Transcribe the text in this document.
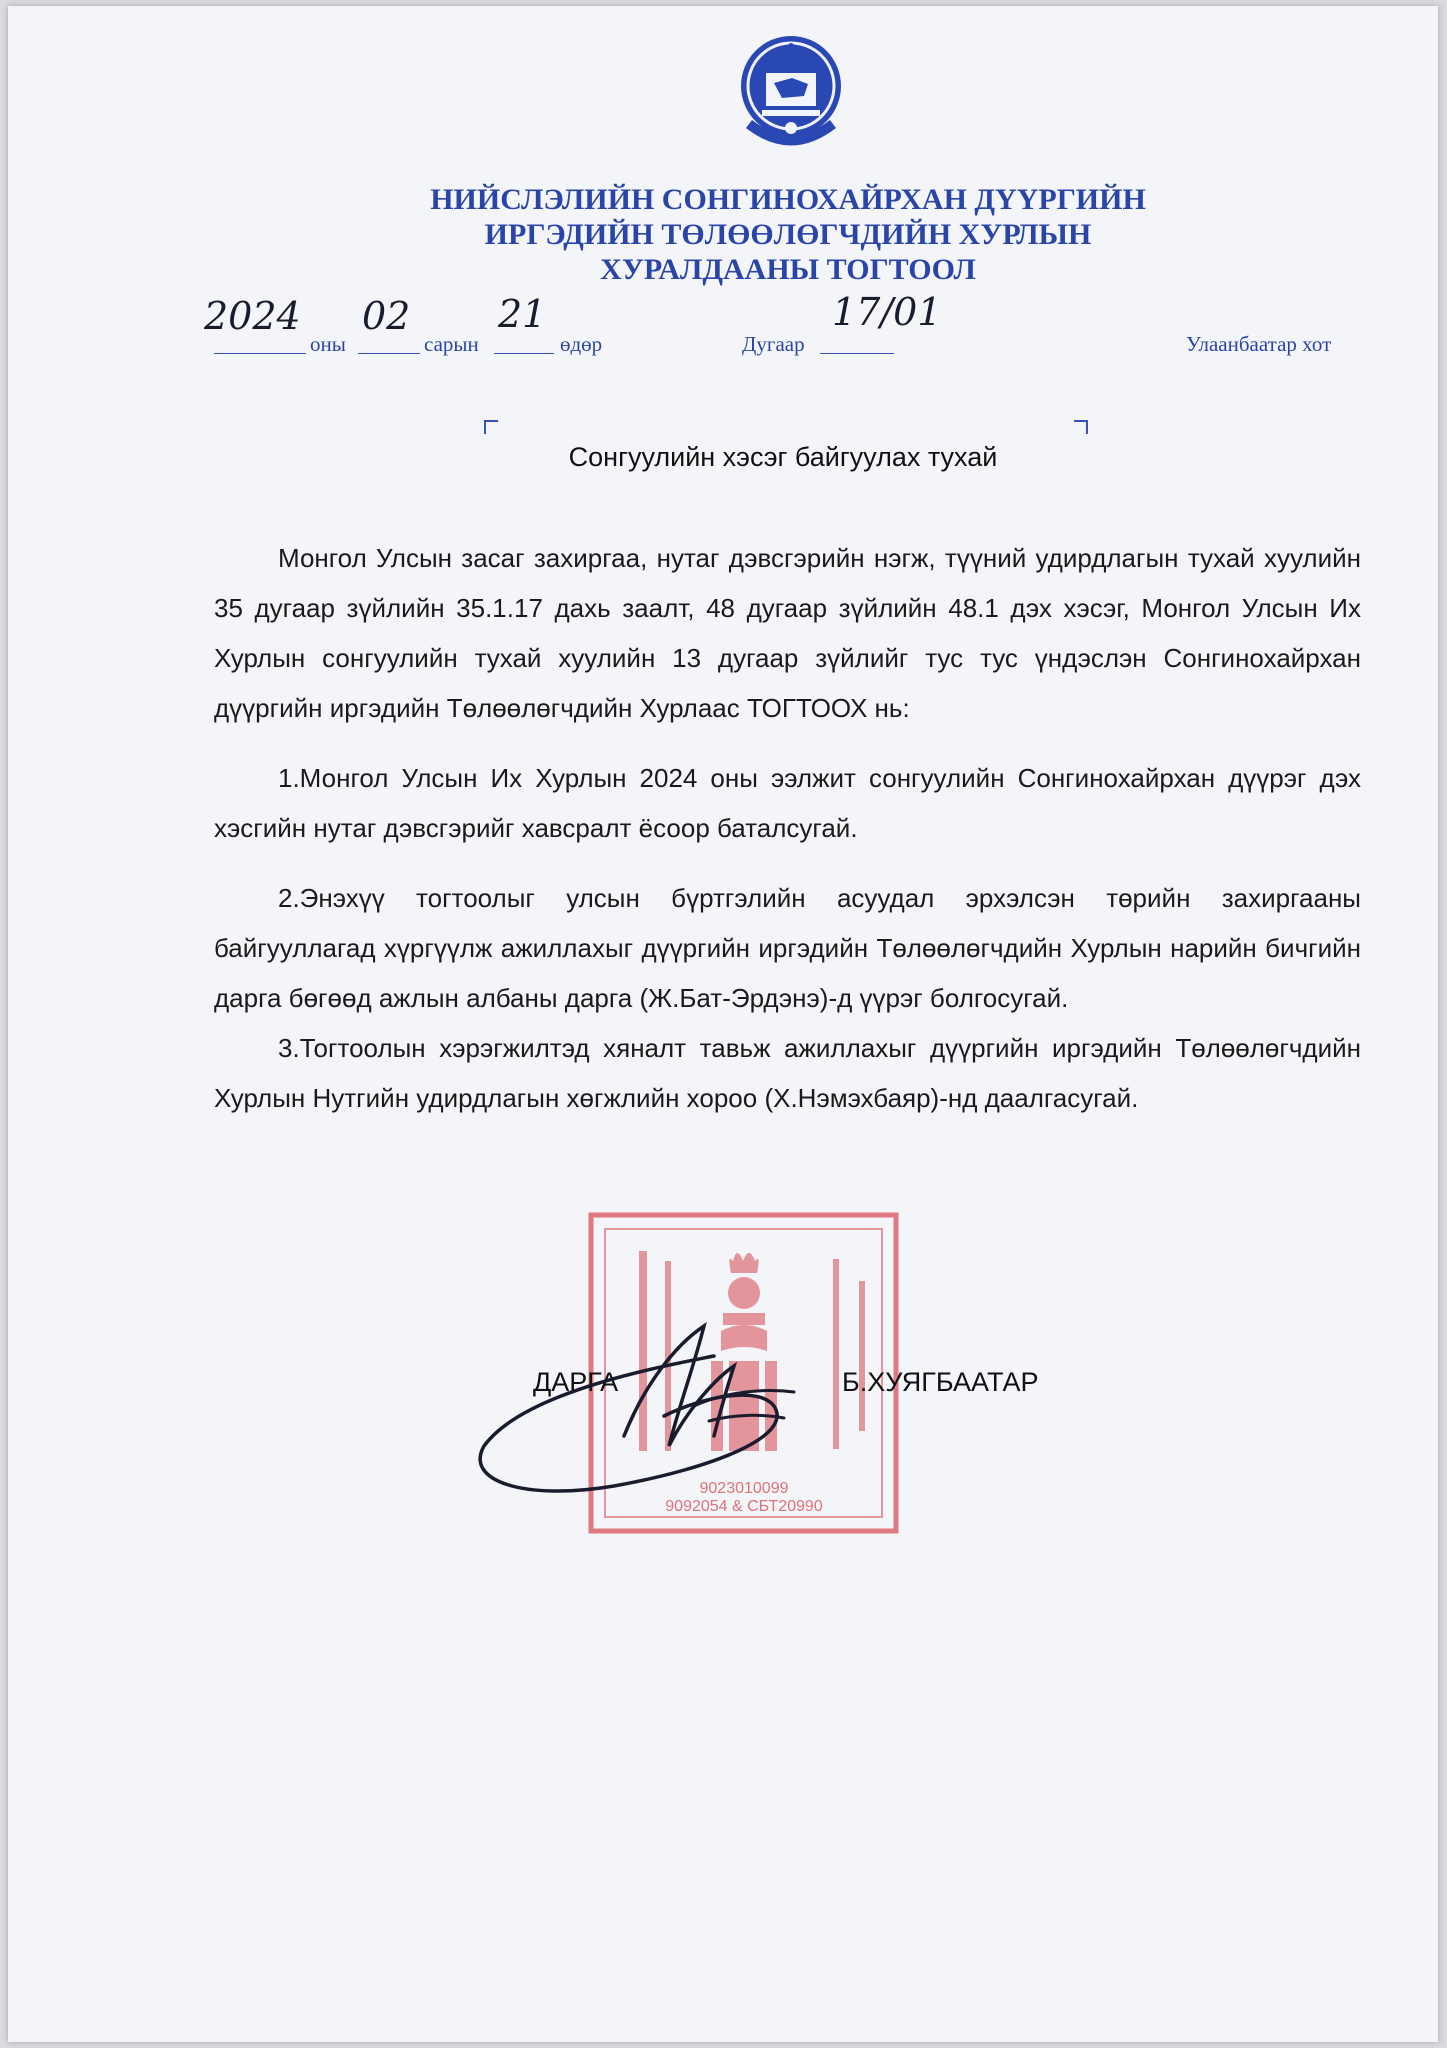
НИЙСЛЭЛИЙН СОНГИНОХАЙРХАН ДҮҮРГИЙН
ИРГЭДИЙН ТӨЛӨӨЛӨГЧДИЙН ХУРЛЫН
ХУРАЛДААНЫ ТОГТООЛ
2024
оны
02
сарын
21
өдөр	Дугаар
17/01
Улаанбаатар хот
Сонгуулийн хэсэг байгуулах тухай

Монгол Улсын засаг захиргаа, нутаг дэвсгэрийн нэгж, түүний удирдлагын тухай хуулийн 35 дугаар зүйлийн 35.1.17 дахь заалт, 48 дугаар зүйлийн 48.1 дэх хэсэг, Монгол Улсын Их Хурлын сонгуулийн тухай хуулийн 13 дугаар зүйлийг тус тус үндэслэн Сонгинохайрхан дүүргийн иргэдийн Төлөөлөгчдийн Хурлаас ТОГТООХ нь:

1.Монгол Улсын Их Хурлын 2024 оны ээлжит сонгуулийн Сонгинохайрхан дүүрэг дэх хэсгийн нутаг дэвсгэрийг хавсралт ёсоор баталсугай.

2.Энэхүү тогтоолыг улсын бүртгэлийн асуудал эрхэлсэн төрийн захиргааны байгууллагад хүргүүлж ажиллахыг дүүргийн иргэдийн Төлөөлөгчдийн Хурлын нарийн бичгийн дарга бөгөөд ажлын албаны дарга (Ж.Бат-Эрдэнэ)-д үүрэг болгосугай.

3.Тогтоолын хэрэгжилтэд хяналт тавьж ажиллахыг дүүргийн иргэдийн Төлөөлөгчдийн Хурлын Нутгийн удирдлагын хөгжлийн хороо (Х.Нэмэхбаяр)-нд даалгасугай.

9023010099
9092054 & СБТ20990
ДАРГА	Б.ХУЯГБААТАР
